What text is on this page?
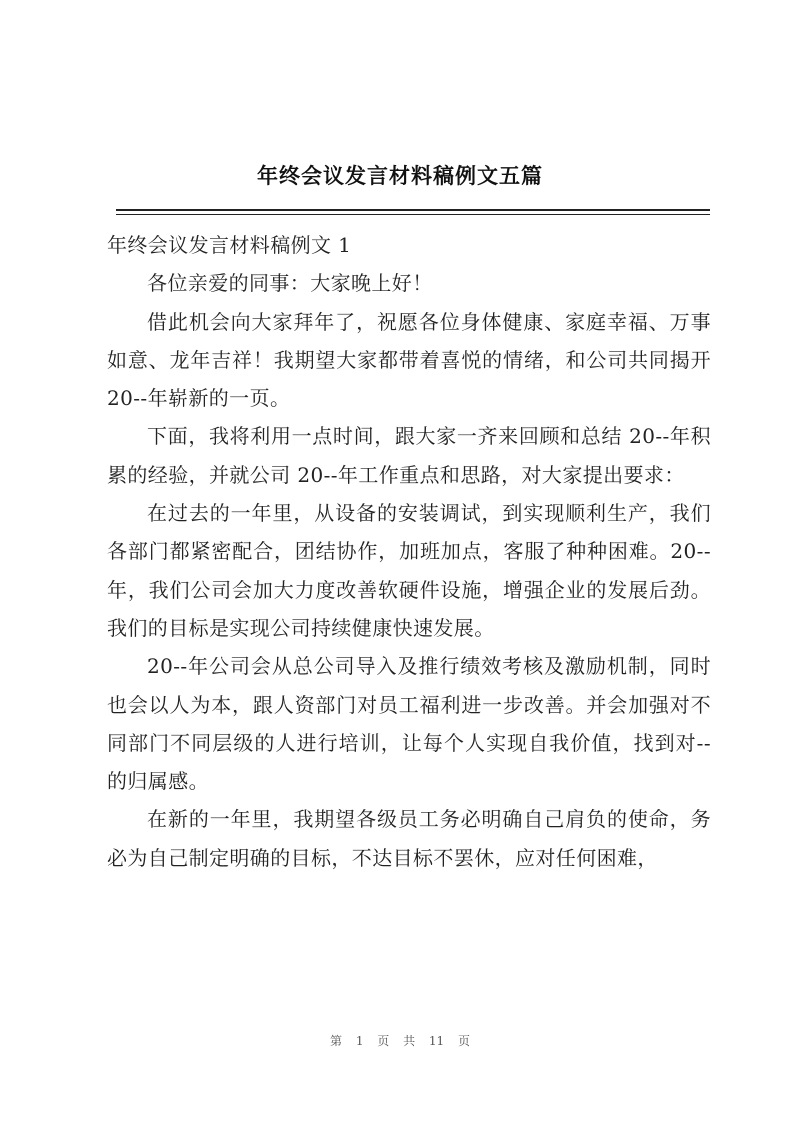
年终会议发言材料稿例文五篇

年终会议发言材料稿例文 1

各位亲爱的同事：大家晚上好！

借此机会向大家拜年了，祝愿各位身体健康、家庭幸福、万事如意、龙年吉祥！我期望大家都带着喜悦的情绪，和公司共同揭开 20--年崭新的一页。

下面，我将利用一点时间，跟大家一齐来回顾和总结 20--年积累的经验，并就公司 20--年工作重点和思路，对大家提出要求：

在过去的一年里，从设备的安装调试，到实现顺利生产，我们各部门都紧密配合，团结协作，加班加点，客服了种种困难。20--年，我们公司会加大力度改善软硬件设施，增强企业的发展后劲。我们的目标是实现公司持续健康快速发展。

20--年公司会从总公司导入及推行绩效考核及激励机制，同时也会以人为本，跟人资部门对员工福利进一步改善。并会加强对不同部门不同层级的人进行培训，让每个人实现自我价值，找到对--的归属感。

在新的一年里，我期望各级员工务必明确自己肩负的使命，务必为自己制定明确的目标，不达目标不罢休，应对任何困难，

第 1 页 共 11 页
